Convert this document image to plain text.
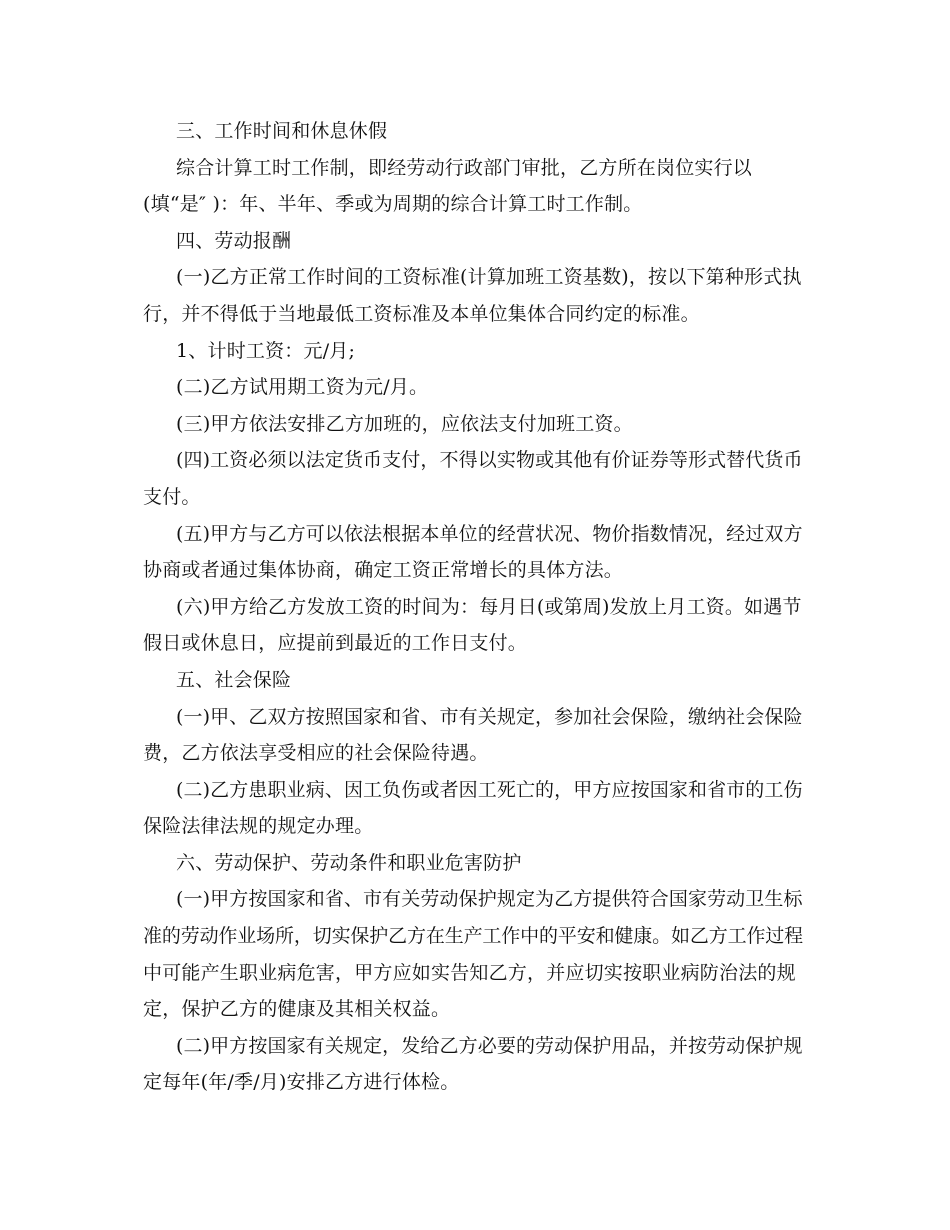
三、工作时间和休息休假
综合计算工时工作制，即经劳动行政部门审批，乙方所在岗位实行以
(填“是″ )：年、半年、季或为周期的综合计算工时工作制。
四、劳动报酬
(一)乙方正常工作时间的工资标准(计算加班工资基数)，按以下第种形式执
行，并不得低于当地最低工资标准及本单位集体合同约定的标准。
1、计时工资：元/月;
(二)乙方试用期工资为元/月。
(三)甲方依法安排乙方加班的，应依法支付加班工资。
(四)工资必须以法定货币支付，不得以实物或其他有价证券等形式替代货币
支付。
(五)甲方与乙方可以依法根据本单位的经营状况、物价指数情况，经过双方
协商或者通过集体协商，确定工资正常增长的具体方法。
(六)甲方给乙方发放工资的时间为：每月日(或第周)发放上月工资。如遇节
假日或休息日，应提前到最近的工作日支付。
五、社会保险
(一)甲、乙双方按照国家和省、市有关规定，参加社会保险，缴纳社会保险
费，乙方依法享受相应的社会保险待遇。
(二)乙方患职业病、因工负伤或者因工死亡的，甲方应按国家和省市的工伤
保险法律法规的规定办理。
六、劳动保护、劳动条件和职业危害防护
(一)甲方按国家和省、市有关劳动保护规定为乙方提供符合国家劳动卫生标
准的劳动作业场所，切实保护乙方在生产工作中的平安和健康。如乙方工作过程
中可能产生职业病危害，甲方应如实告知乙方，并应切实按职业病防治法的规
定，保护乙方的健康及其相关权益。
(二)甲方按国家有关规定，发给乙方必要的劳动保护用品，并按劳动保护规
定每年(年/季/月)安排乙方进行体检。
